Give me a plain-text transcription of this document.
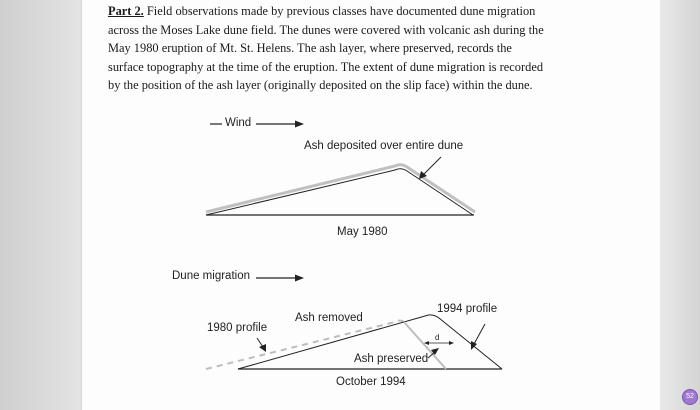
Part 2. Field observations made by previous classes have documented dune migration
across the Moses Lake dune field. The dunes were covered with volcanic ash during the
May 1980 eruption of Mt. St. Helens. The ash layer, where preserved, records the
surface topography at the time of the eruption. The extent of dune migration is recorded
by the position of the ash layer (originally deposited on the slip face) within the dune.
Wind
Ash deposited over entire dune
May 1980
Dune migration
1980 profile
Ash removed
1994 profile
Ash preserved
d
October 1994
52
